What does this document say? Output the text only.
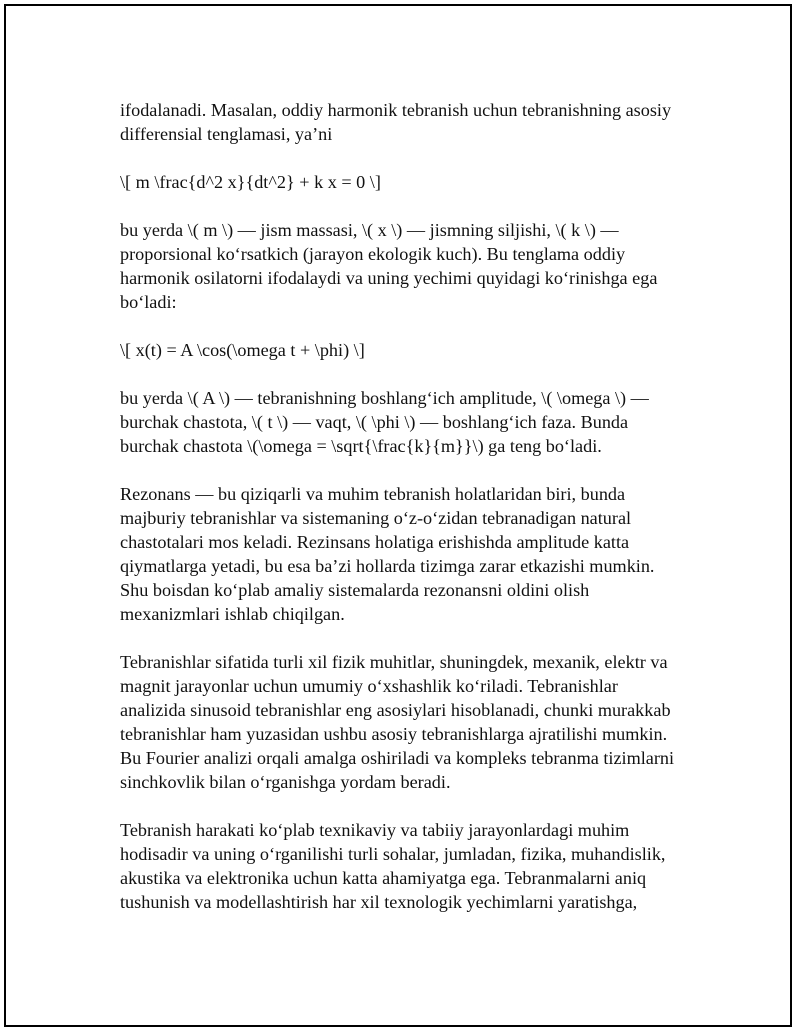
ifodalanadi. Masalan, oddiy harmonik tebranish uchun tebranishning asosiy
differensial tenglamasi, ya’ni

\[ m \frac{d^2 x}{dt^2} + k x = 0 \]

bu yerda \( m \) — jism massasi, \( x \) — jismning siljishi, \( k \) —
proporsional koʻrsatkich (jarayon ekologik kuch). Bu tenglama oddiy
harmonik osilatorni ifodalaydi va uning yechimi quyidagi koʻrinishga ega
boʻladi:

\[ x(t) = A \cos(\omega t + \phi) \]

bu yerda \( A \) — tebranishning boshlangʻich amplitude, \( \omega \) —
burchak chastota, \( t \) — vaqt, \( \phi \) — boshlangʻich faza. Bunda
burchak chastota \(\omega = \sqrt{\frac{k}{m}}\) ga teng boʻladi.

Rezonans — bu qiziqarli va muhim tebranish holatlaridan biri, bunda
majburiy tebranishlar va sistemaning oʻz-oʻzidan tebranadigan natural
chastotalari mos keladi. Rezinsans holatiga erishishda amplitude katta
qiymatlarga yetadi, bu esa baʼzi hollarda tizimga zarar etkazishi mumkin.
Shu boisdan koʻplab amaliy sistemalarda rezonansni oldini olish
mexanizmlari ishlab chiqilgan.

Tebranishlar sifatida turli xil fizik muhitlar, shuningdek, mexanik, elektr va
magnit jarayonlar uchun umumiy oʻxshashlik koʻriladi. Tebranishlar
analizida sinusoid tebranishlar eng asosiylari hisoblanadi, chunki murakkab
tebranishlar ham yuzasidan ushbu asosiy tebranishlarga ajratilishi mumkin.
Bu Fourier analizi orqali amalga oshiriladi va kompleks tebranma tizimlarni
sinchkovlik bilan oʻrganishga yordam beradi.

Tebranish harakati koʻplab texnikaviy va tabiiy jarayonlardagi muhim
hodisadir va uning oʻrganilishi turli sohalar, jumladan, fizika, muhandislik,
akustika va elektronika uchun katta ahamiyatga ega. Tebranmalarni aniq
tushunish va modellashtirish har xil texnologik yechimlarni yaratishga,
